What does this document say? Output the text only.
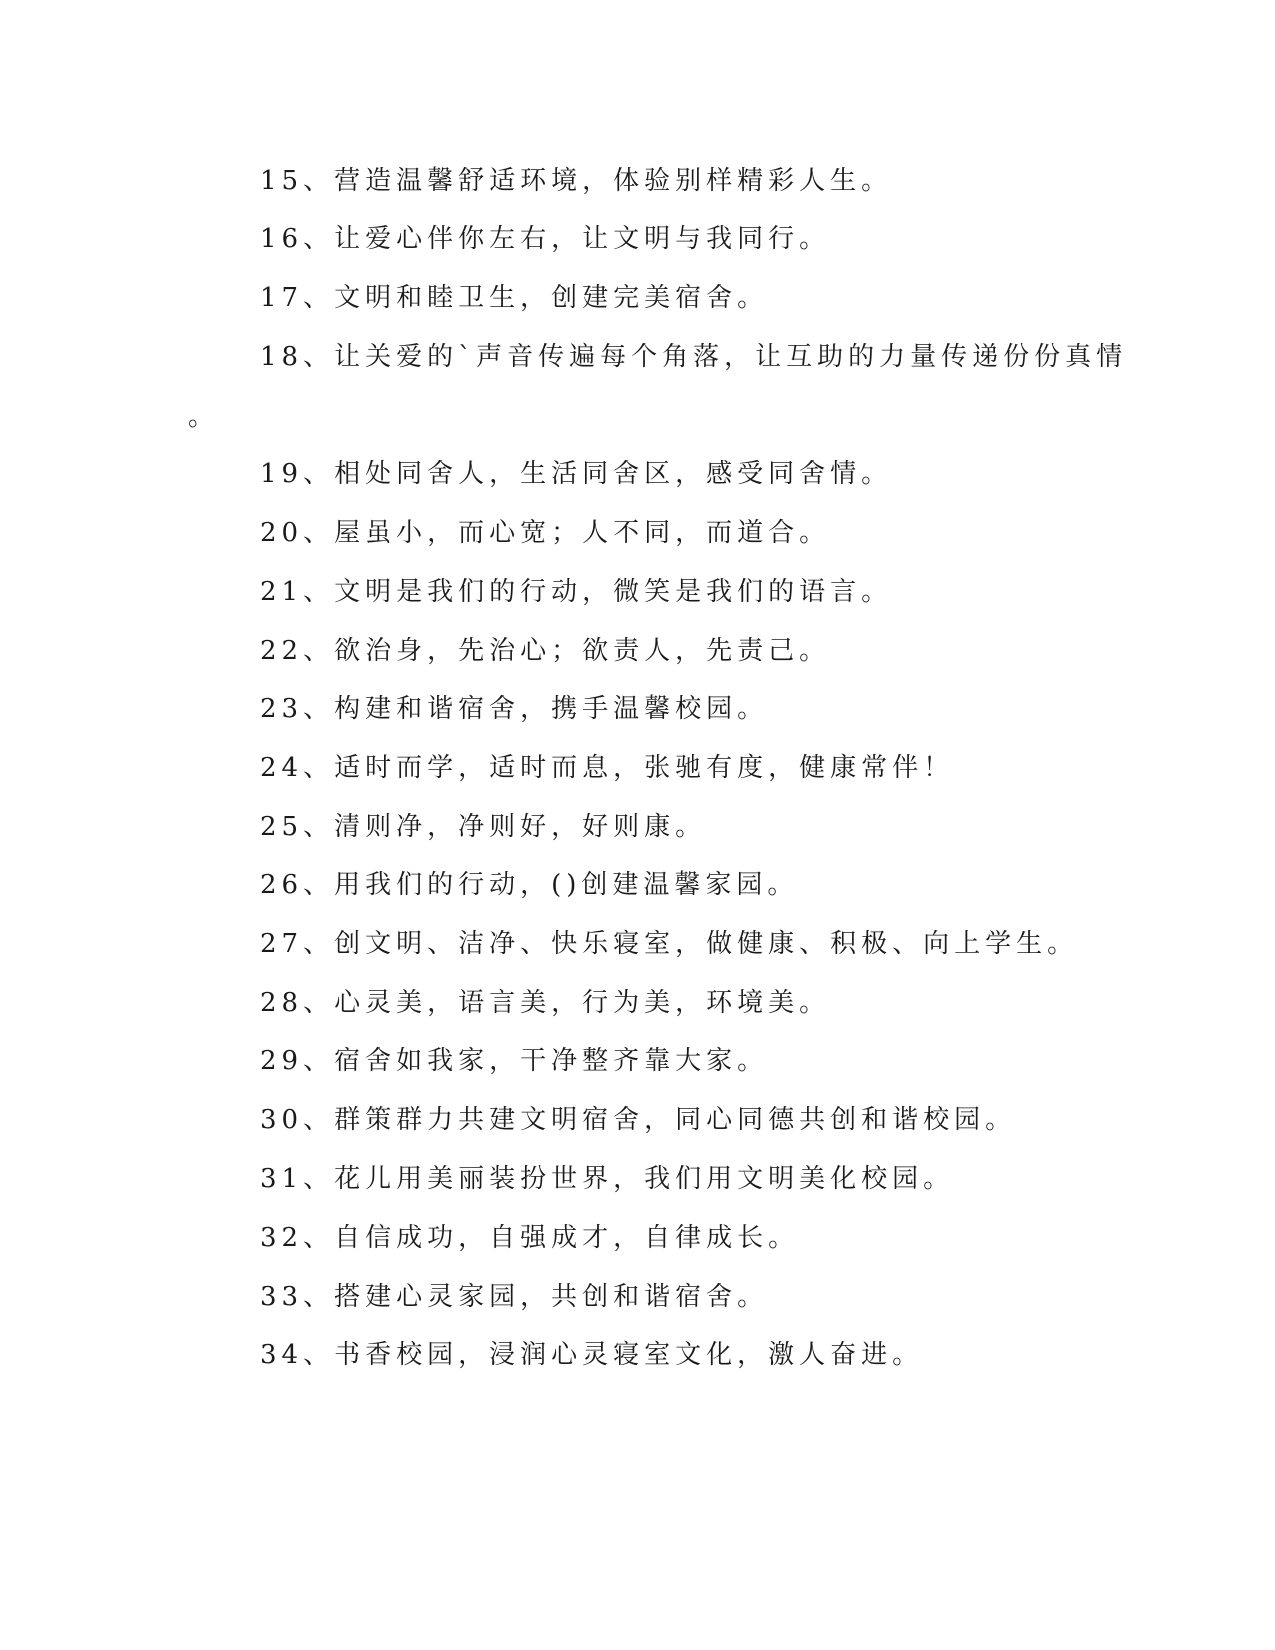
15、营造温馨舒适环境，体验别样精彩人生。
16、让爱心伴你左右，让文明与我同行。
17、文明和睦卫生，创建完美宿舍。
18、让关爱的`声音传遍每个角落，让互助的力量传递份份真情
。
19、相处同舍人，生活同舍区，感受同舍情。
20、屋虽小，而心宽；人不同，而道合。
21、文明是我们的行动，微笑是我们的语言。
22、欲治身，先治心；欲责人，先责己。
23、构建和谐宿舍，携手温馨校园。
24、适时而学，适时而息，张驰有度，健康常伴！
25、清则净，净则好，好则康。
26、用我们的行动，()创建温馨家园。
27、创文明、洁净、快乐寝室，做健康、积极、向上学生。
28、心灵美，语言美，行为美，环境美。
29、宿舍如我家，干净整齐靠大家。
30、群策群力共建文明宿舍，同心同德共创和谐校园。
31、花儿用美丽装扮世界，我们用文明美化校园。
32、自信成功，自强成才，自律成长。
33、搭建心灵家园，共创和谐宿舍。
34、书香校园，浸润心灵寝室文化，激人奋进。
